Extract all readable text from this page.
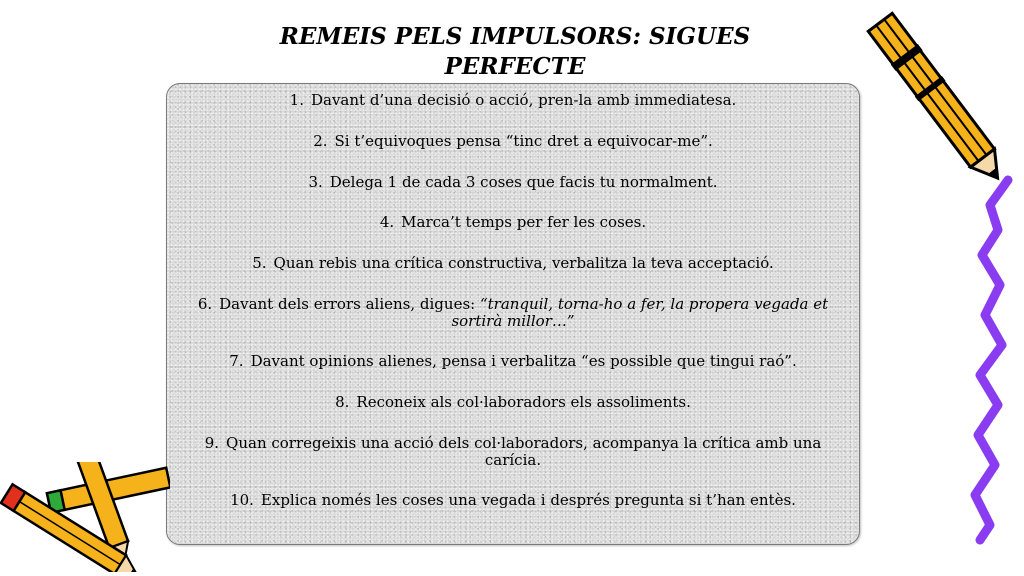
REMEIS PELS IMPULSORS: SIGUES PERFECTE
1. Davant d’una decisió o acció, pren-la amb immediatesa.
2. Si t’equivoques pensa “tinc dret a equivocar-me”.
3. Delega 1 de cada 3 coses que facis tu normalment.
4. Marca’t temps per fer les coses.
5. Quan rebis una crítica constructiva, verbalitza la teva acceptació.
6. Davant dels errors aliens, digues: “tranquil, torna-ho a fer, la propera vegada et sortirà millor…”
7. Davant opinions alienes, pensa i verbalitza “es possible que tingui raó”.
8. Reconeix als col·laboradors els assoliments.
9. Quan corregeixis una acció dels col·laboradors, acompanya la crítica amb una carícia.
10. Explica només les coses una vegada i després pregunta si t’han entès.
